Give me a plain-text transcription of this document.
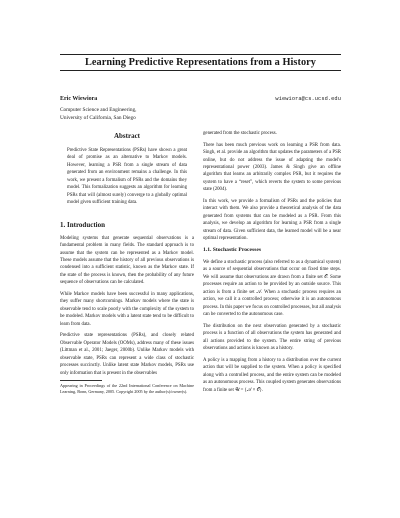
Learning Predictive Representations from a History
Eric Wiewiora	wiewiora@cs.ucsd.edu
Computer Science and Engineering,
University of California, San Diego
Abstract
Predictive State Representations (PSRs) have shown a great deal of promise as an alternative to Markov models. However, learning a PSR from a single stream of data generated from an environment remains a challenge. In this work, we present a formalism of PSRs and the domains they model. This formalization suggests an algorithm for learning PSRs that will (almost surely) converge to a globally optimal model given sufficient training data.
1. Introduction
Modeling systems that generate sequential observations is a fundamental problem in many fields. The standard approach is to assume that the system can be represented as a Markov model. These models assume that the history of all previous observations is condensed into a sufficient statistic, known as the Markov state. If the state of the process is known, then the probability of any future sequence of observations can be calculated.
While Markov models have been successful in many applications, they suffer many shortcomings. Markov models where the state is observable tend to scale poorly with the complexity of the system to be modeled. Markov models with a latent state tend to be difficult to learn from data.
Predictive state representations (PSRs), and closely related Observable Operator Models (OOMs), address many of these issues (Littman et al., 2001; Jaeger, 2000b). Unlike Markov models with observable state, PSRs can represent a wide class of stochastic processes succinctly. Unlike latent state Markov models, PSRs use only information that is present in the observables
Appearing in Proceedings of the 22nd International Conference on Machine Learning, Bonn, Germany, 2005. Copyright 2005 by the author(s)/owner(s).
generated from the stochastic process.
There has been much previous work on learning a PSR from data. Singh, et al. provide an algorithm that updates the parameters of a PSR online, but do not address the issue of adapting the model's representational power (2003). James & Singh give an offline algorithm that learns an arbitrarily complex PSR, but it requires the system to have a “reset”, which reverts the system to some previous state (2004).
In this work, we provide a formalism of PSRs and the policies that interact with them. We also provide a theoretical analysis of the data generated from systems that can be modeled as a PSR. From this analysis, we develop an algorithm for learning a PSR from a single stream of data. Given sufficient data, the learned model will be a near optimal representation.
1.1. Stochastic Processes
We define a stochastic process (also referred to as a dynamical system) as a source of sequential observations that occur on fixed time steps. We will assume that observations are drawn from a finite set 𝒪. Some processes require an action to be provided by an outside source. This action is from a finite set 𝒜. When a stochastic process requires an action, we call it a controlled process; otherwise it is an autonomous process. In this paper we focus on controlled processes, but all analysis can be converted to the autonomous case.
The distribution on the next observation generated by a stochastic process is a function of all observations the system has generated and all actions provided to the system. The entire string of previous observations and actions is known as a history.
A policy is a mapping from a history to a distribution over the current action that will be supplied to the system. When a policy is specified along with a controlled process, and the entire system can be modeled as an autonomous process. This coupled system generates observations from a finite set 𝒰 = {𝒜 × 𝒪}.
